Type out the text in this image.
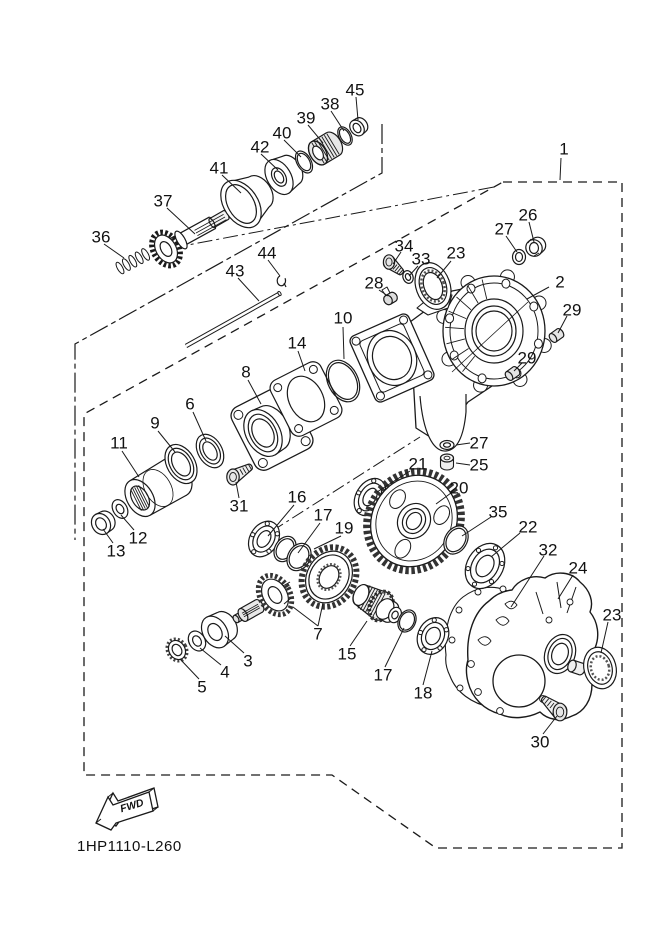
1
2
3
4
5
6
7
8
9
10
11
12
13
14
15
16
17
17
18
19
20
21
22
23
23
24
25
26
27
27
28
29
29
30
31
32
33
34
35
36
37
38
39
40
41
42
43
44
45
FWD
1HP1110-L260
